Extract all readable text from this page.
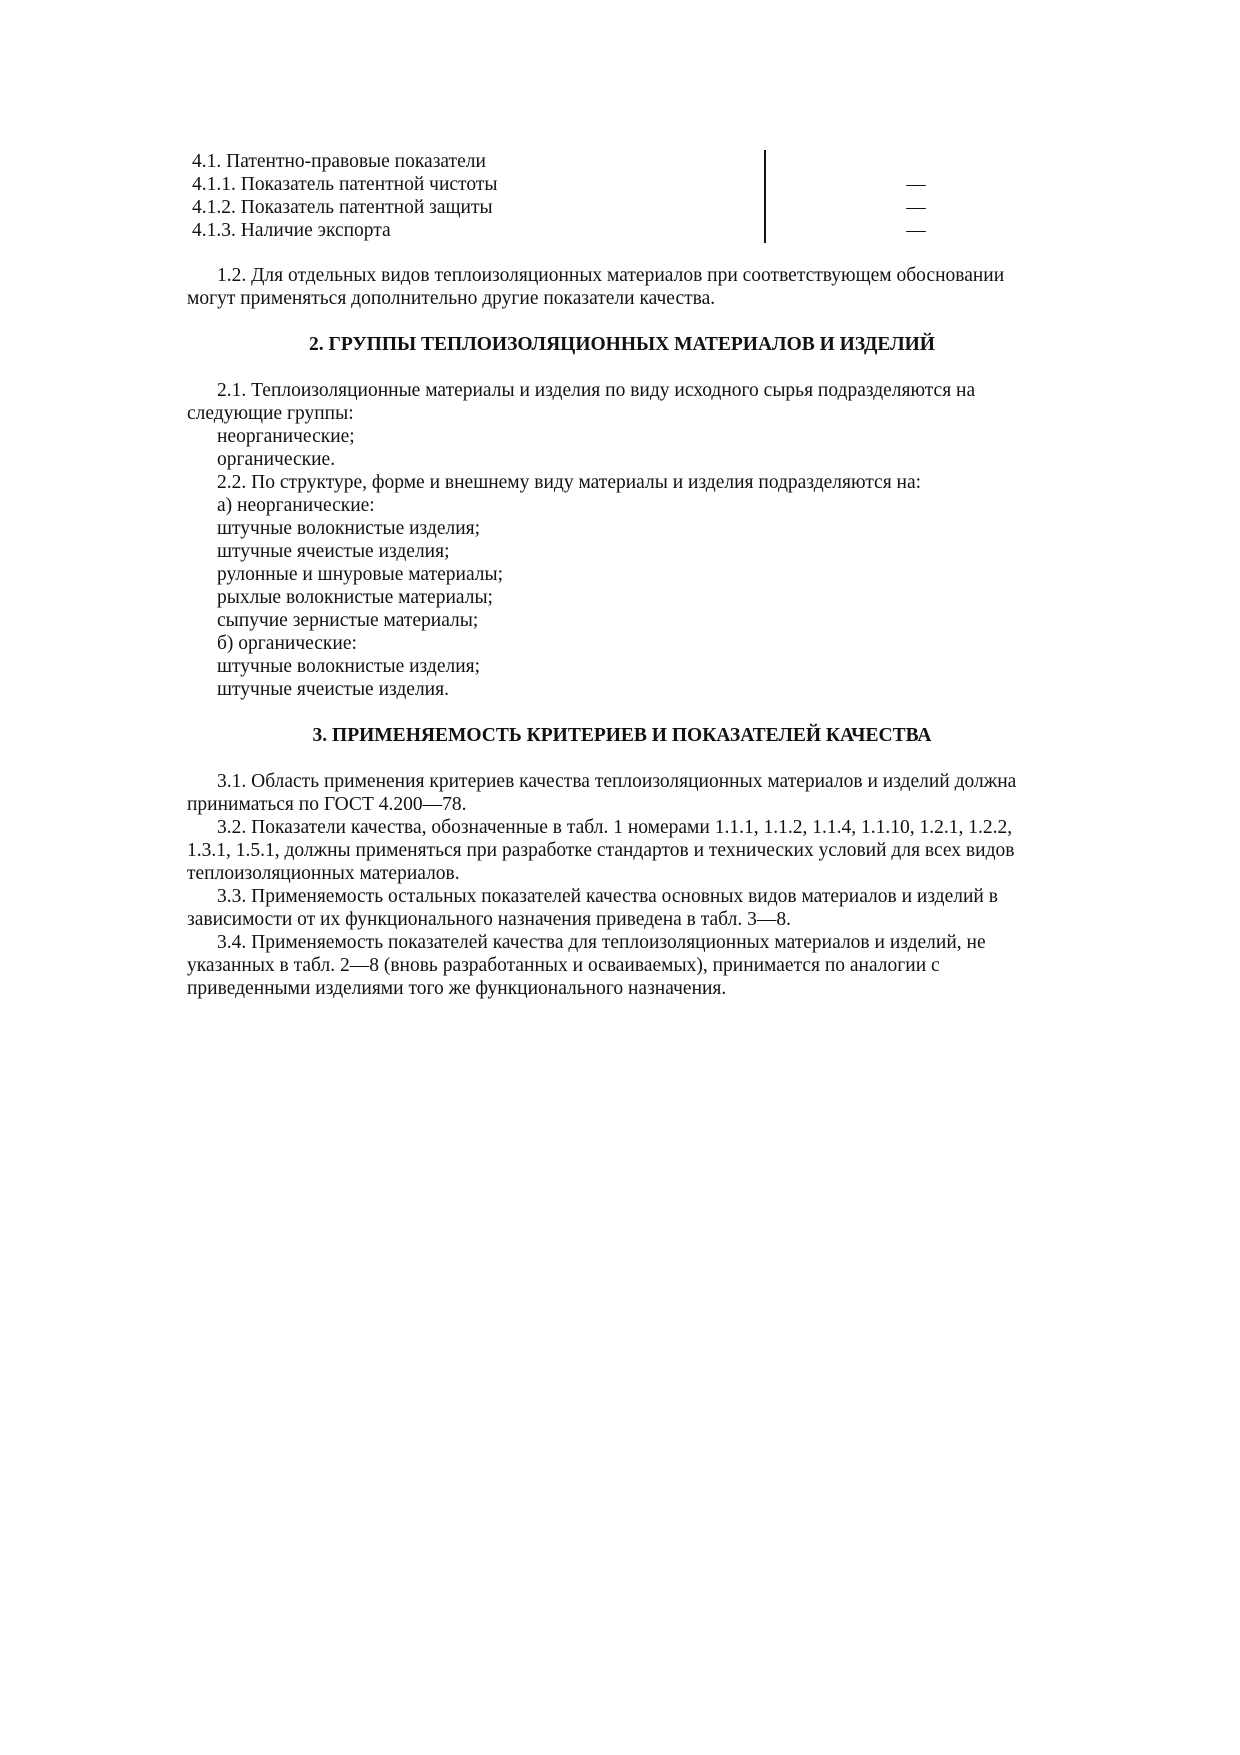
4.1. Патентно-правовые показатели
4.1.1. Показатель патентной чистоты	—
4.1.2. Показатель патентной защиты	—
4.1.3. Наличие экспорта	—

1.2. Для отдельных видов теплоизоляционных материалов при соответствующем обосновании могут применяться дополнительно другие показатели качества.

2. ГРУППЫ ТЕПЛОИЗОЛЯЦИОННЫХ МАТЕРИАЛОВ И ИЗДЕЛИЙ

2.1. Теплоизоляционные материалы и изделия по виду исходного сырья подразделяются на следующие группы:

неорганические;

органические.

2.2. По структуре, форме и внешнему виду материалы и изделия подразделяются на:

а) неорганические:

штучные волокнистые изделия;

штучные ячеистые изделия;

рулонные и шнуровые материалы;

рыхлые волокнистые материалы;

сыпучие зернистые материалы;

б) органические:

штучные волокнистые изделия;

штучные ячеистые изделия.

3. ПРИМЕНЯЕМОСТЬ КРИТЕРИЕВ И ПОКАЗАТЕЛЕЙ КАЧЕСТВА

3.1. Область применения критериев качества теплоизоляционных материалов и изделий должна приниматься по ГОСТ 4.200—78.

3.2. Показатели качества, обозначенные в табл. 1 номерами 1.1.1, 1.1.2, 1.1.4, 1.1.10, 1.2.1, 1.2.2, 1.3.1, 1.5.1, должны применяться при разработке стандартов и технических условий для всех видов теплоизоляционных материалов.

3.3. Применяемость остальных показателей качества основных видов материалов и изделий в зависимости от их функционального назначения приведена в табл. 3—8.

3.4. Применяемость показателей качества для теплоизоляционных материалов и изделий, не указанных в табл. 2—8 (вновь разработанных и осваиваемых), принимается по аналогии с приведенными изделиями того же функционального назначения.
